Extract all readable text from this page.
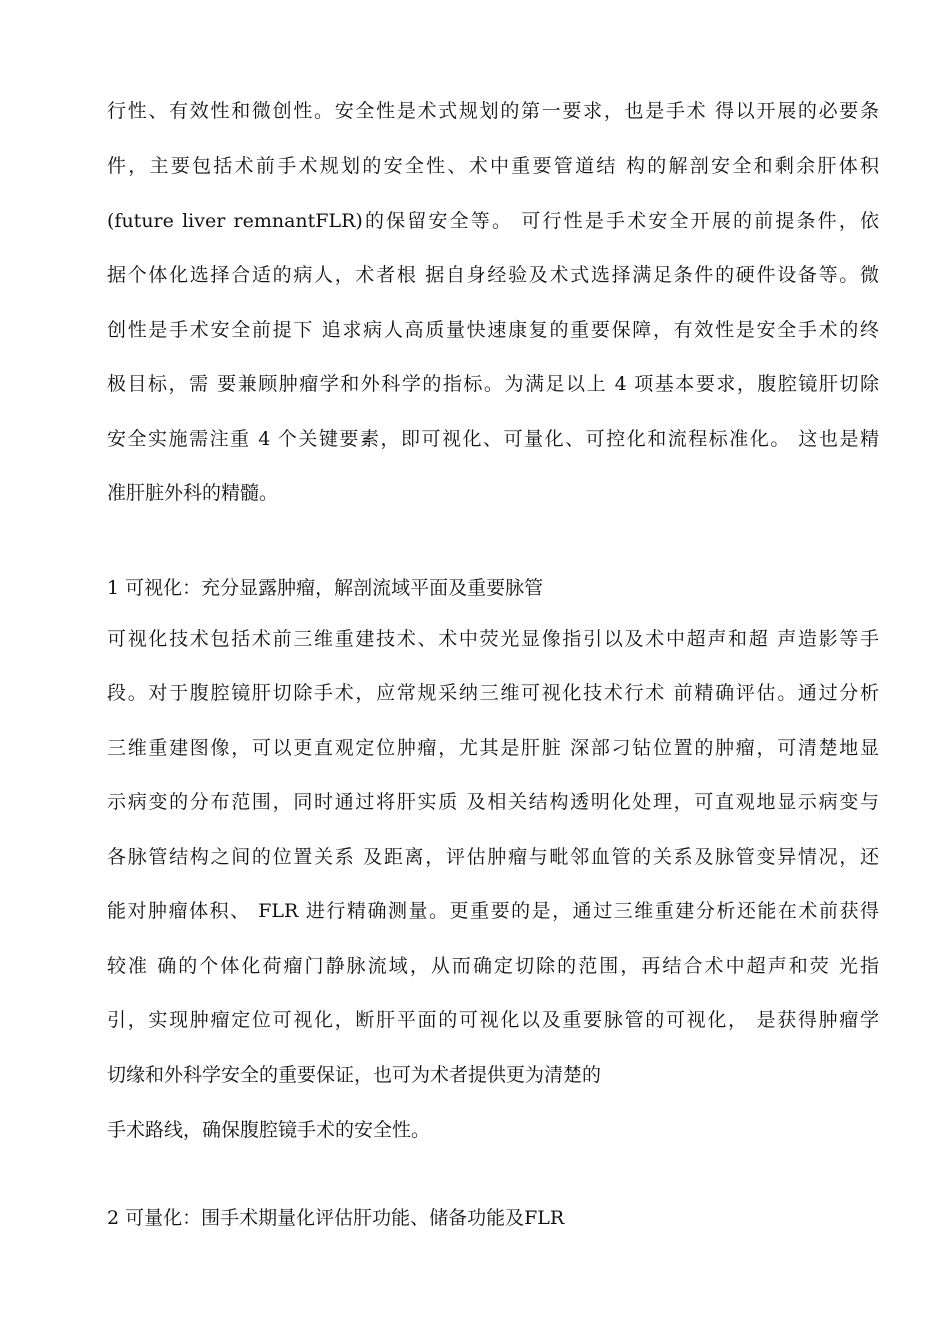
行性、有效性和微创性。安全性是术式规划的第一要求，也是手术 得以开展的必要条
件，主要包括术前手术规划的安全性、术中重要管道结 构的解剖安全和剩余肝体积
(future liver remnantFLR)的保留安全等。 可行性是手术安全开展的前提条件，依
据个体化选择合适的病人，术者根 据自身经验及术式选择满足条件的硬件设备等。微
创性是手术安全前提下 追求病人高质量快速康复的重要保障，有效性是安全手术的终
极目标，需 要兼顾肿瘤学和外科学的指标。为满足以上 4 项基本要求，腹腔镜肝切除
安全实施需注重 4 个关键要素，即可视化、可量化、可控化和流程标准化。 这也是精
准肝脏外科的精髓。
1 可视化：充分显露肿瘤，解剖流域平面及重要脉管
可视化技术包括术前三维重建技术、术中荧光显像指引以及术中超声和超 声造影等手
段。对于腹腔镜肝切除手术，应常规采纳三维可视化技术行术 前精确评估。通过分析
三维重建图像，可以更直观定位肿瘤，尤其是肝脏 深部刁钻位置的肿瘤，可清楚地显
示病变的分布范围，同时通过将肝实质 及相关结构透明化处理，可直观地显示病变与
各脉管结构之间的位置关系 及距离，评估肿瘤与毗邻血管的关系及脉管变异情况，还
能对肿瘤体积、 FLR 进行精确测量。更重要的是，通过三维重建分析还能在术前获得
较准 确的个体化荷瘤门静脉流域，从而确定切除的范围，再结合术中超声和荧 光指
引，实现肿瘤定位可视化，断肝平面的可视化以及重要脉管的可视化， 是获得肿瘤学
切缘和外科学安全的重要保证，也可为术者提供更为清楚的
手术路线，确保腹腔镜手术的安全性。
2 可量化：围手术期量化评估肝功能、储备功能及FLR
